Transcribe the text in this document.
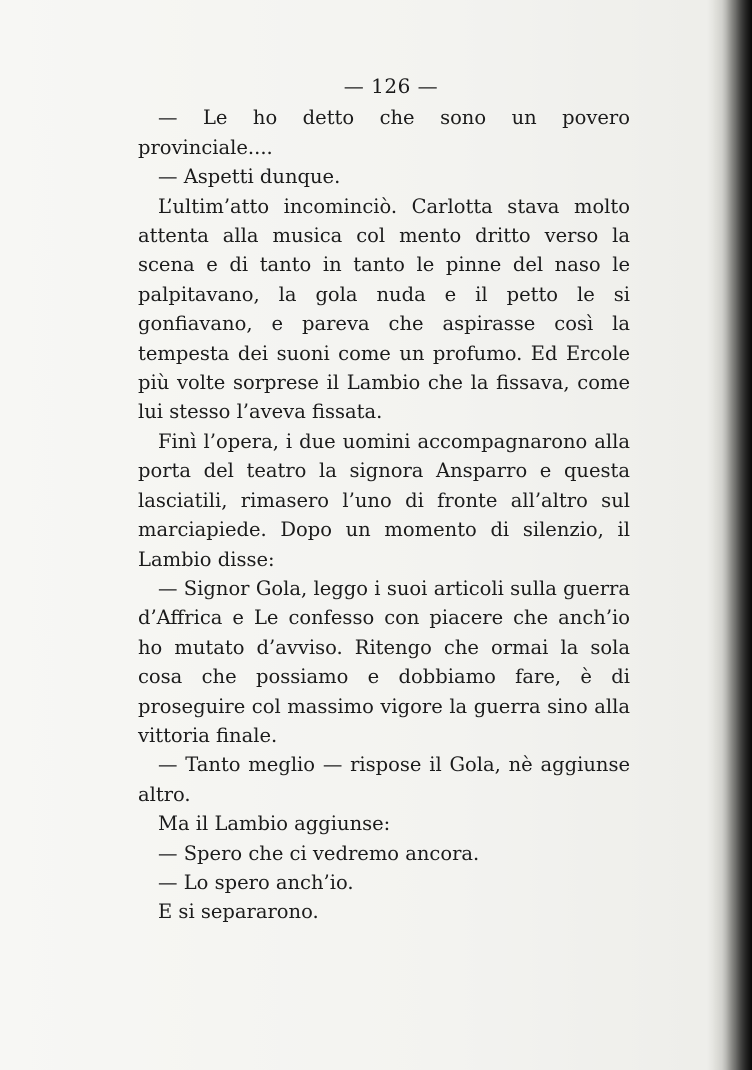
— 126 —

— Le ho detto che sono un povero provinciale....

— Aspetti dunque.

L’ultim’atto incominciò. Carlotta stava molto attenta alla musica col mento dritto verso la scena e di tanto in tanto le pinne del naso le palpitavano, la gola nuda e il petto le si gonfiavano, e pareva che aspirasse così la tempesta dei suoni come un profumo. Ed Ercole più volte sorprese il Lambio che la fissava, come lui stesso l’aveva fissata.

Finì l’opera, i due uomini accompagnarono alla porta del teatro la signora Ansparro e questa lasciatili, rimasero l’uno di fronte all’altro sul marciapiede. Dopo un momento di silenzio, il Lambio disse:

— Signor Gola, leggo i suoi articoli sulla guerra d’Affrica e Le confesso con piacere che anch’io ho mutato d’avviso. Ritengo che ormai la sola cosa che possiamo e dobbiamo fare, è di proseguire col massimo vigore la guerra sino alla vittoria finale.

— Tanto meglio — rispose il Gola, nè aggiunse altro.

Ma il Lambio aggiunse:

— Spero che ci vedremo ancora.

— Lo spero anch’io.

E si separarono.
